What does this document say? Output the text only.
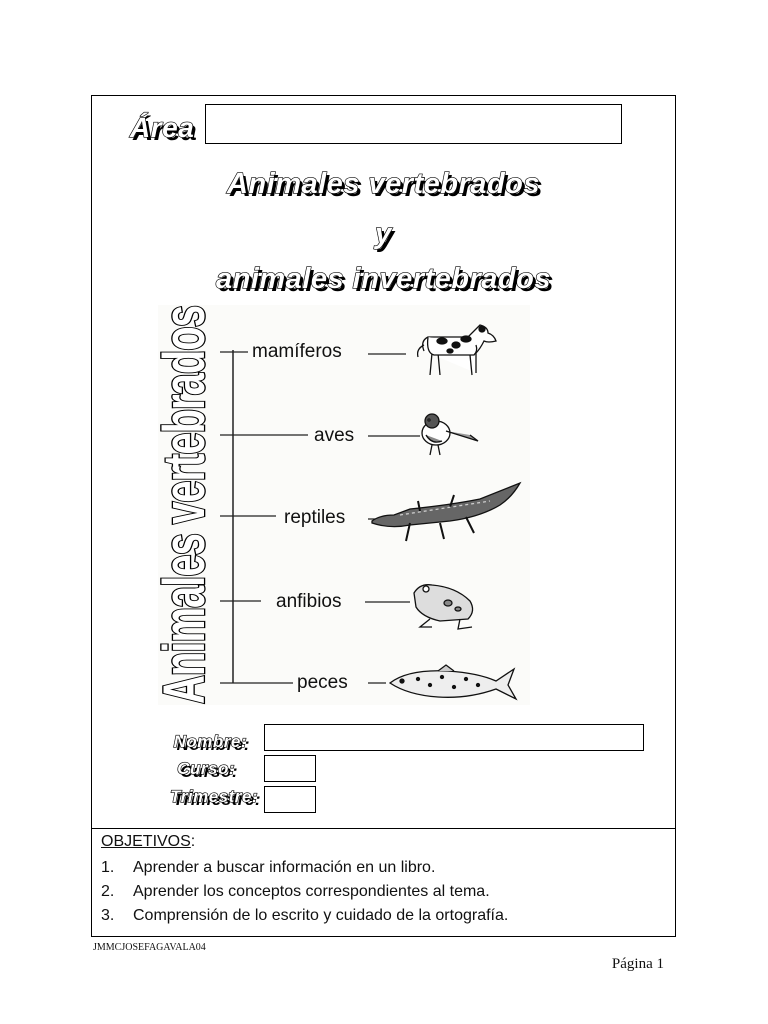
Área
Animales vertebrados
y
animales invertebrados
mamíferos
aves
reptiles
anfibios
peces
Animales vertebrados
Nombre:
Curso:
Trimestre:
OBJETIVOS:
1.	Aprender a buscar información en un libro.
2.	Aprender los conceptos correspondientes al tema.
3.	Comprensión de lo escrito y cuidado de la ortografía.
JMMCJOSEFAGAVALA04
Página 1
